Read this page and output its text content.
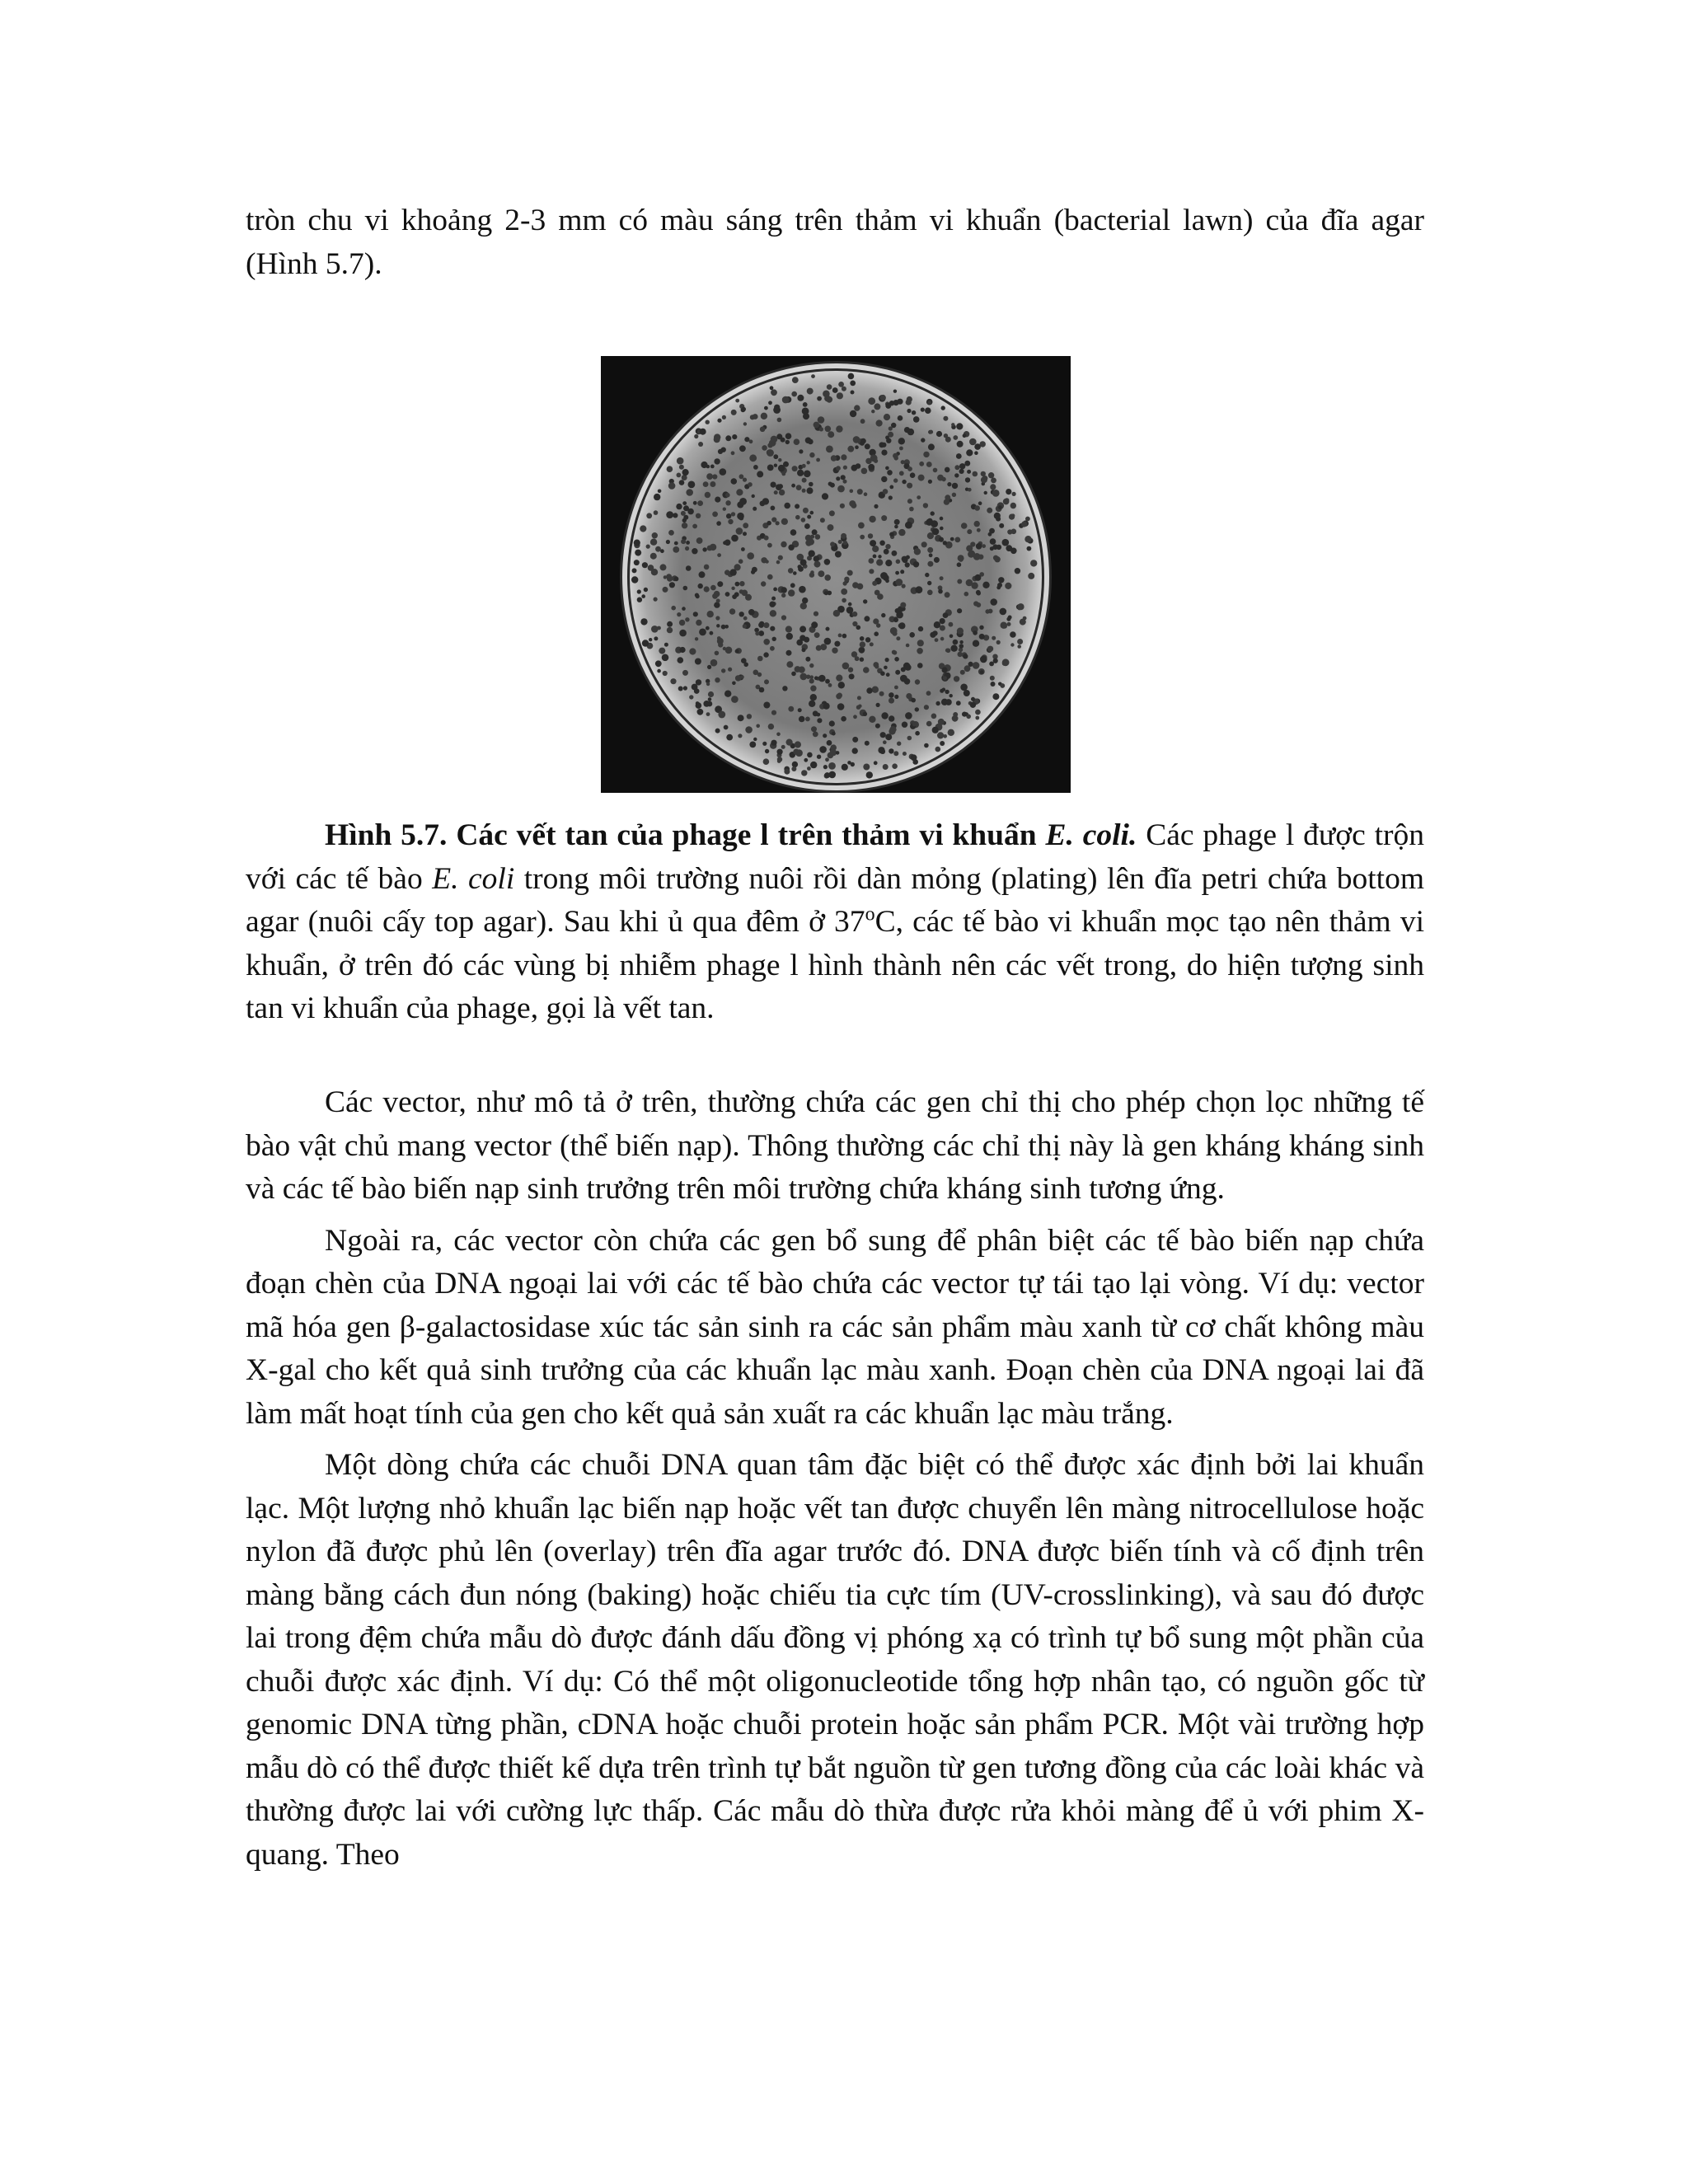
tròn chu vi khoảng 2-3 mm có màu sáng trên thảm vi khuẩn (bacterial lawn) của đĩa agar (Hình 5.7).

Hình 5.7. Các vết tan của phage l trên thảm vi khuẩn E. coli. Các phage l được trộn với các tế bào E. coli trong môi trường nuôi rồi dàn mỏng (plating) lên đĩa petri chứa bottom agar (nuôi cấy top agar). Sau khi ủ qua đêm ở 37$^o$C, các tế bào vi khuẩn mọc tạo nên thảm vi khuẩn, ở trên đó các vùng bị nhiễm phage l hình thành nên các vết trong, do hiện tượng sinh tan vi khuẩn của phage, gọi là vết tan.

Các vector, như mô tả ở trên, thường chứa các gen chỉ thị cho phép chọn lọc những tế bào vật chủ mang vector (thể biến nạp). Thông thường các chỉ thị này là gen kháng kháng sinh và các tế bào biến nạp sinh trưởng trên môi trường chứa kháng sinh tương ứng.

Ngoài ra, các vector còn chứa các gen bổ sung để phân biệt các tế bào biến nạp chứa đoạn chèn của DNA ngoại lai với các tế bào chứa các vector tự tái tạo lại vòng. Ví dụ: vector mã hóa gen β-galactosidase xúc tác sản sinh ra các sản phẩm màu xanh từ cơ chất không màu X-gal cho kết quả sinh trưởng của các khuẩn lạc màu xanh. Đoạn chèn của DNA ngoại lai đã làm mất hoạt tính của gen cho kết quả sản xuất ra các khuẩn lạc màu trắng.

Một dòng chứa các chuỗi DNA quan tâm đặc biệt có thể được xác định bởi lai khuẩn lạc. Một lượng nhỏ khuẩn lạc biến nạp hoặc vết tan được chuyển lên màng nitrocellulose hoặc nylon đã được phủ lên (overlay) trên đĩa agar trước đó. DNA được biến tính và cố định trên màng bằng cách đun nóng (baking) hoặc chiếu tia cực tím (UV-crosslinking), và sau đó được lai trong đệm chứa mẫu dò được đánh dấu đồng vị phóng xạ có trình tự bổ sung một phần của chuỗi được xác định. Ví dụ: Có thể một oligonucleotide tổng hợp nhân tạo, có nguồn gốc từ genomic DNA từng phần, cDNA hoặc chuỗi protein hoặc sản phẩm PCR. Một vài trường hợp mẫu dò có thể được thiết kế dựa trên trình tự bắt nguồn từ gen tương đồng của các loài khác và thường được lai với cường lực thấp. Các mẫu dò thừa được rửa khỏi màng để ủ với phim X-quang. Theo
